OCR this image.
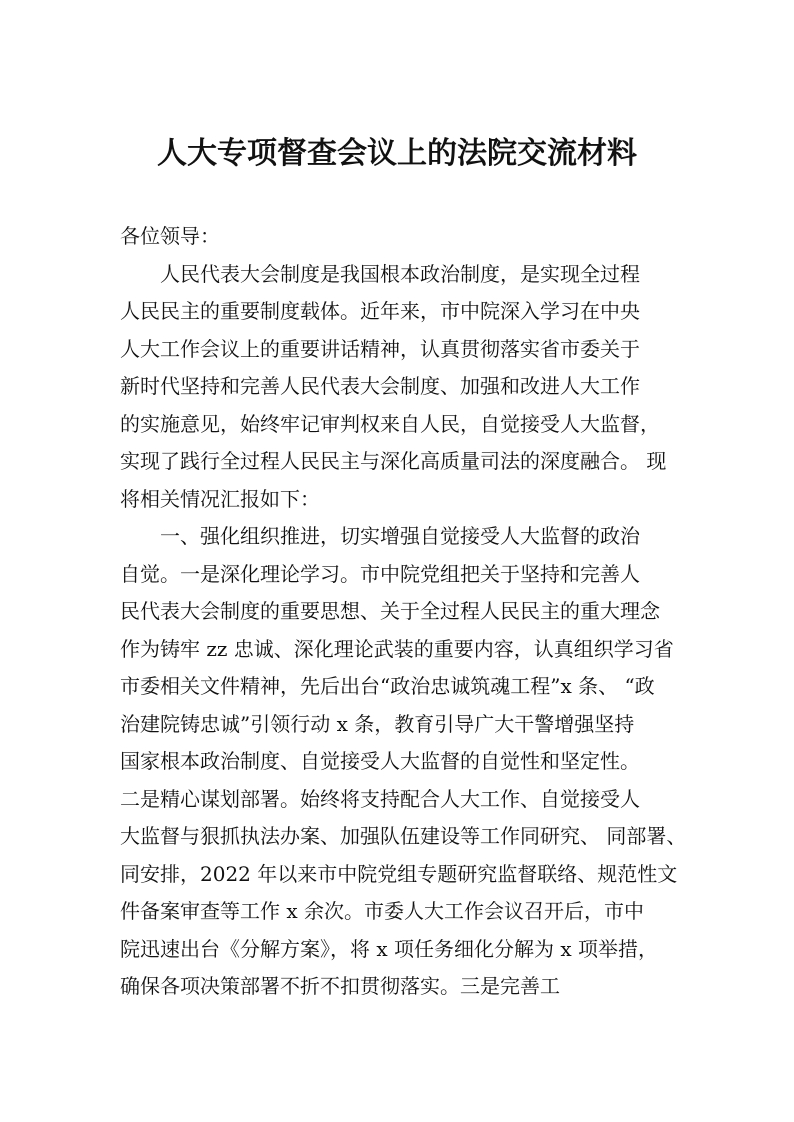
人大专项督查会议上的法院交流材料
各位领导：
　　人民代表大会制度是我国根本政治制度，是实现全过程
人民民主的重要制度载体。近年来，市中院深入学习在中央
人大工作会议上的重要讲话精神，认真贯彻落实省市委关于
新时代坚持和完善人民代表大会制度、加强和改进人大工作
的实施意见，始终牢记审判权来自人民，自觉接受人大监督，
实现了践行全过程人民民主与深化高质量司法的深度融合。 现
将相关情况汇报如下：
　　一、强化组织推进，切实增强自觉接受人大监督的政治
自觉。一是深化理论学习。市中院党组把关于坚持和完善人
民代表大会制度的重要思想、关于全过程人民民主的重大理念
作为铸牢 zz 忠诚、深化理论武装的重要内容，认真组织学习省
市委相关文件精神，先后出台“政治忠诚筑魂工程”x 条、 “政
治建院铸忠诚”引领行动 x 条，教育引导广大干警增强坚持
国家根本政治制度、自觉接受人大监督的自觉性和坚定性。
二是精心谋划部署。始终将支持配合人大工作、自觉接受人
大监督与狠抓执法办案、加强队伍建设等工作同研究、 同部署、
同安排，2022 年以来市中院党组专题研究监督联络、规范性文
件备案审查等工作 x 余次。市委人大工作会议召开后，市中
院迅速出台《分解方案》，将 x 项任务细化分解为 x 项举措，
确保各项决策部署不折不扣贯彻落实。三是完善工
